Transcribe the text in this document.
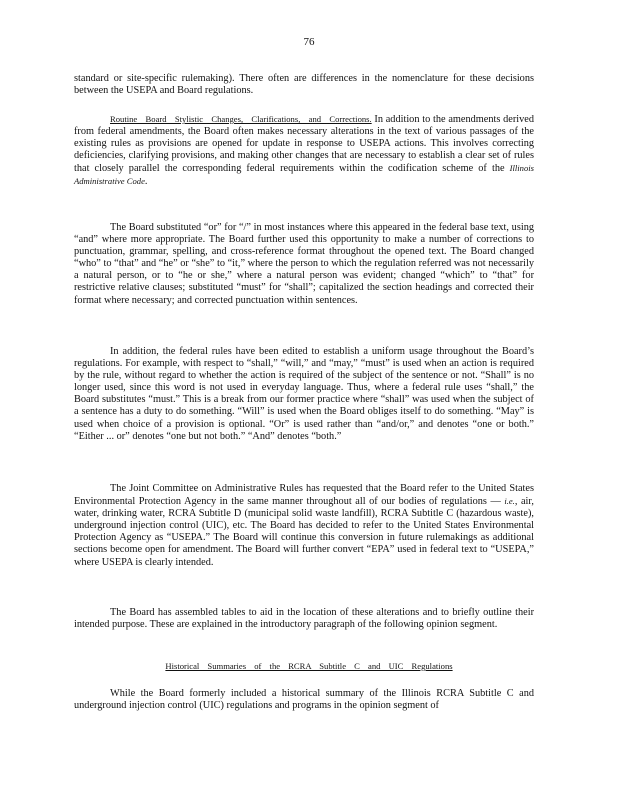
76

standard or site-specific rulemaking). There often are differences in the nomenclature for these decisions between the USEPA and Board regulations.

Routine Board Stylistic Changes, Clarifications, and Corrections. In addition to the amendments derived from federal amendments, the Board often makes necessary alterations in the text of various passages of the existing rules as provisions are opened for update in response to USEPA actions. This involves correcting deficiencies, clarifying provisions, and making other changes that are necessary to establish a clear set of rules that closely parallel the corresponding federal requirements within the codification scheme of the Illinois Administrative Code.

The Board substituted “or” for “/” in most instances where this appeared in the federal base text, using “and” where more appropriate. The Board further used this opportunity to make a number of corrections to punctuation, grammar, spelling, and cross-reference format throughout the opened text. The Board changed “who” to “that” and “he” or “she” to “it,” where the person to which the regulation referred was not necessarily a natural person, or to “he or she,” where a natural person was evident; changed “which” to “that” for restrictive relative clauses; substituted “must” for “shall”; capitalized the section headings and corrected their format where necessary; and corrected punctuation within sentences.

In addition, the federal rules have been edited to establish a uniform usage throughout the Board’s regulations. For example, with respect to “shall,” “will,” and “may,” “must” is used when an action is required by the rule, without regard to whether the action is required of the subject of the sentence or not. “Shall” is no longer used, since this word is not used in everyday language. Thus, where a federal rule uses “shall,” the Board substitutes “must.” This is a break from our former practice where “shall” was used when the subject of a sentence has a duty to do something. “Will” is used when the Board obliges itself to do something. “May” is used when choice of a provision is optional. “Or” is used rather than “and/or,” and denotes “one or both.” “Either ... or” denotes “one but not both.” “And” denotes “both.”

The Joint Committee on Administrative Rules has requested that the Board refer to the United States Environmental Protection Agency in the same manner throughout all of our bodies of regulations — i.e., air, water, drinking water, RCRA Subtitle D (municipal solid waste landfill), RCRA Subtitle C (hazardous waste), underground injection control (UIC), etc. The Board has decided to refer to the United States Environmental Protection Agency as “USEPA.” The Board will continue this conversion in future rulemakings as additional sections become open for amendment. The Board will further convert “EPA” used in federal text to “USEPA,” where USEPA is clearly intended.

The Board has assembled tables to aid in the location of these alterations and to briefly outline their intended purpose. These are explained in the introductory paragraph of the following opinion segment.

Historical Summaries of the RCRA Subtitle C and UIC Regulations

While the Board formerly included a historical summary of the Illinois RCRA Subtitle C and underground injection control (UIC) regulations and programs in the opinion segment of
